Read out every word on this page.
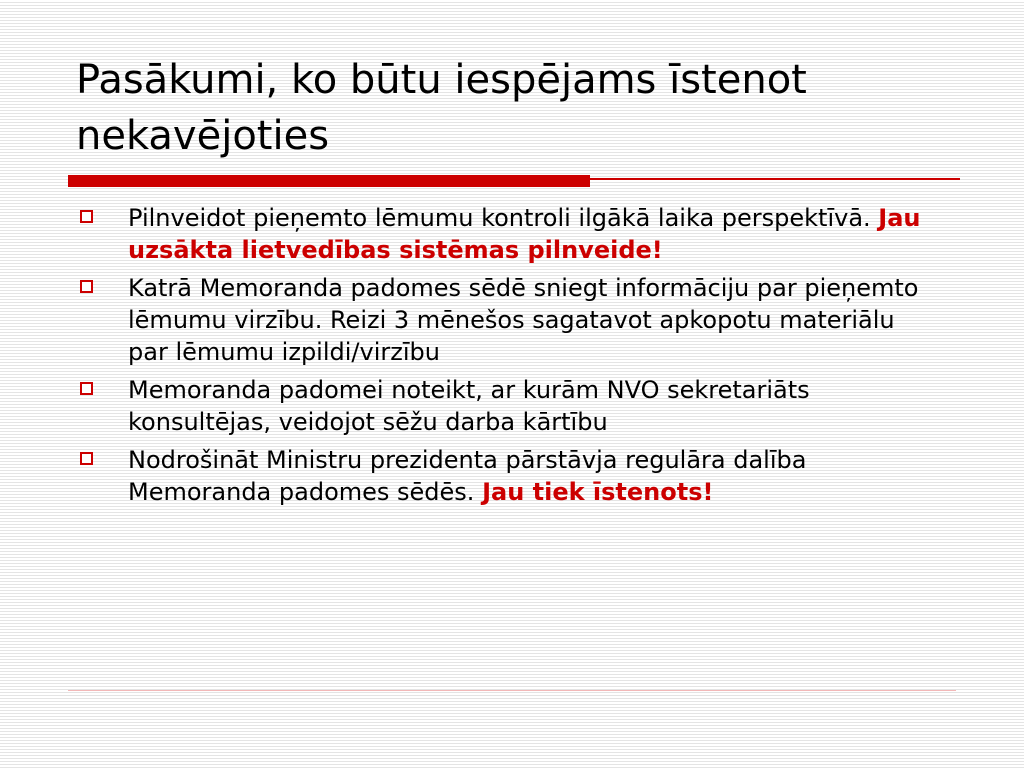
Pasākumi, ko būtu iespējams īstenot nekavējoties
Pilnveidot pieņemto lēmumu kontroli ilgākā laika perspektīvā. Jau uzsākta lietvedības sistēmas pilnveide!
Katrā Memoranda padomes sēdē sniegt informāciju par pieņemto lēmumu virzību. Reizi 3 mēnešos sagatavot apkopotu materiālu par lēmumu izpildi/virzību
Memoranda padomei noteikt, ar kurām NVO sekretariāts konsultējas, veidojot sēžu darba kārtību
Nodrošināt Ministru prezidenta pārstāvja regulāra dalība Memoranda padomes sēdēs. Jau tiek īstenots!
